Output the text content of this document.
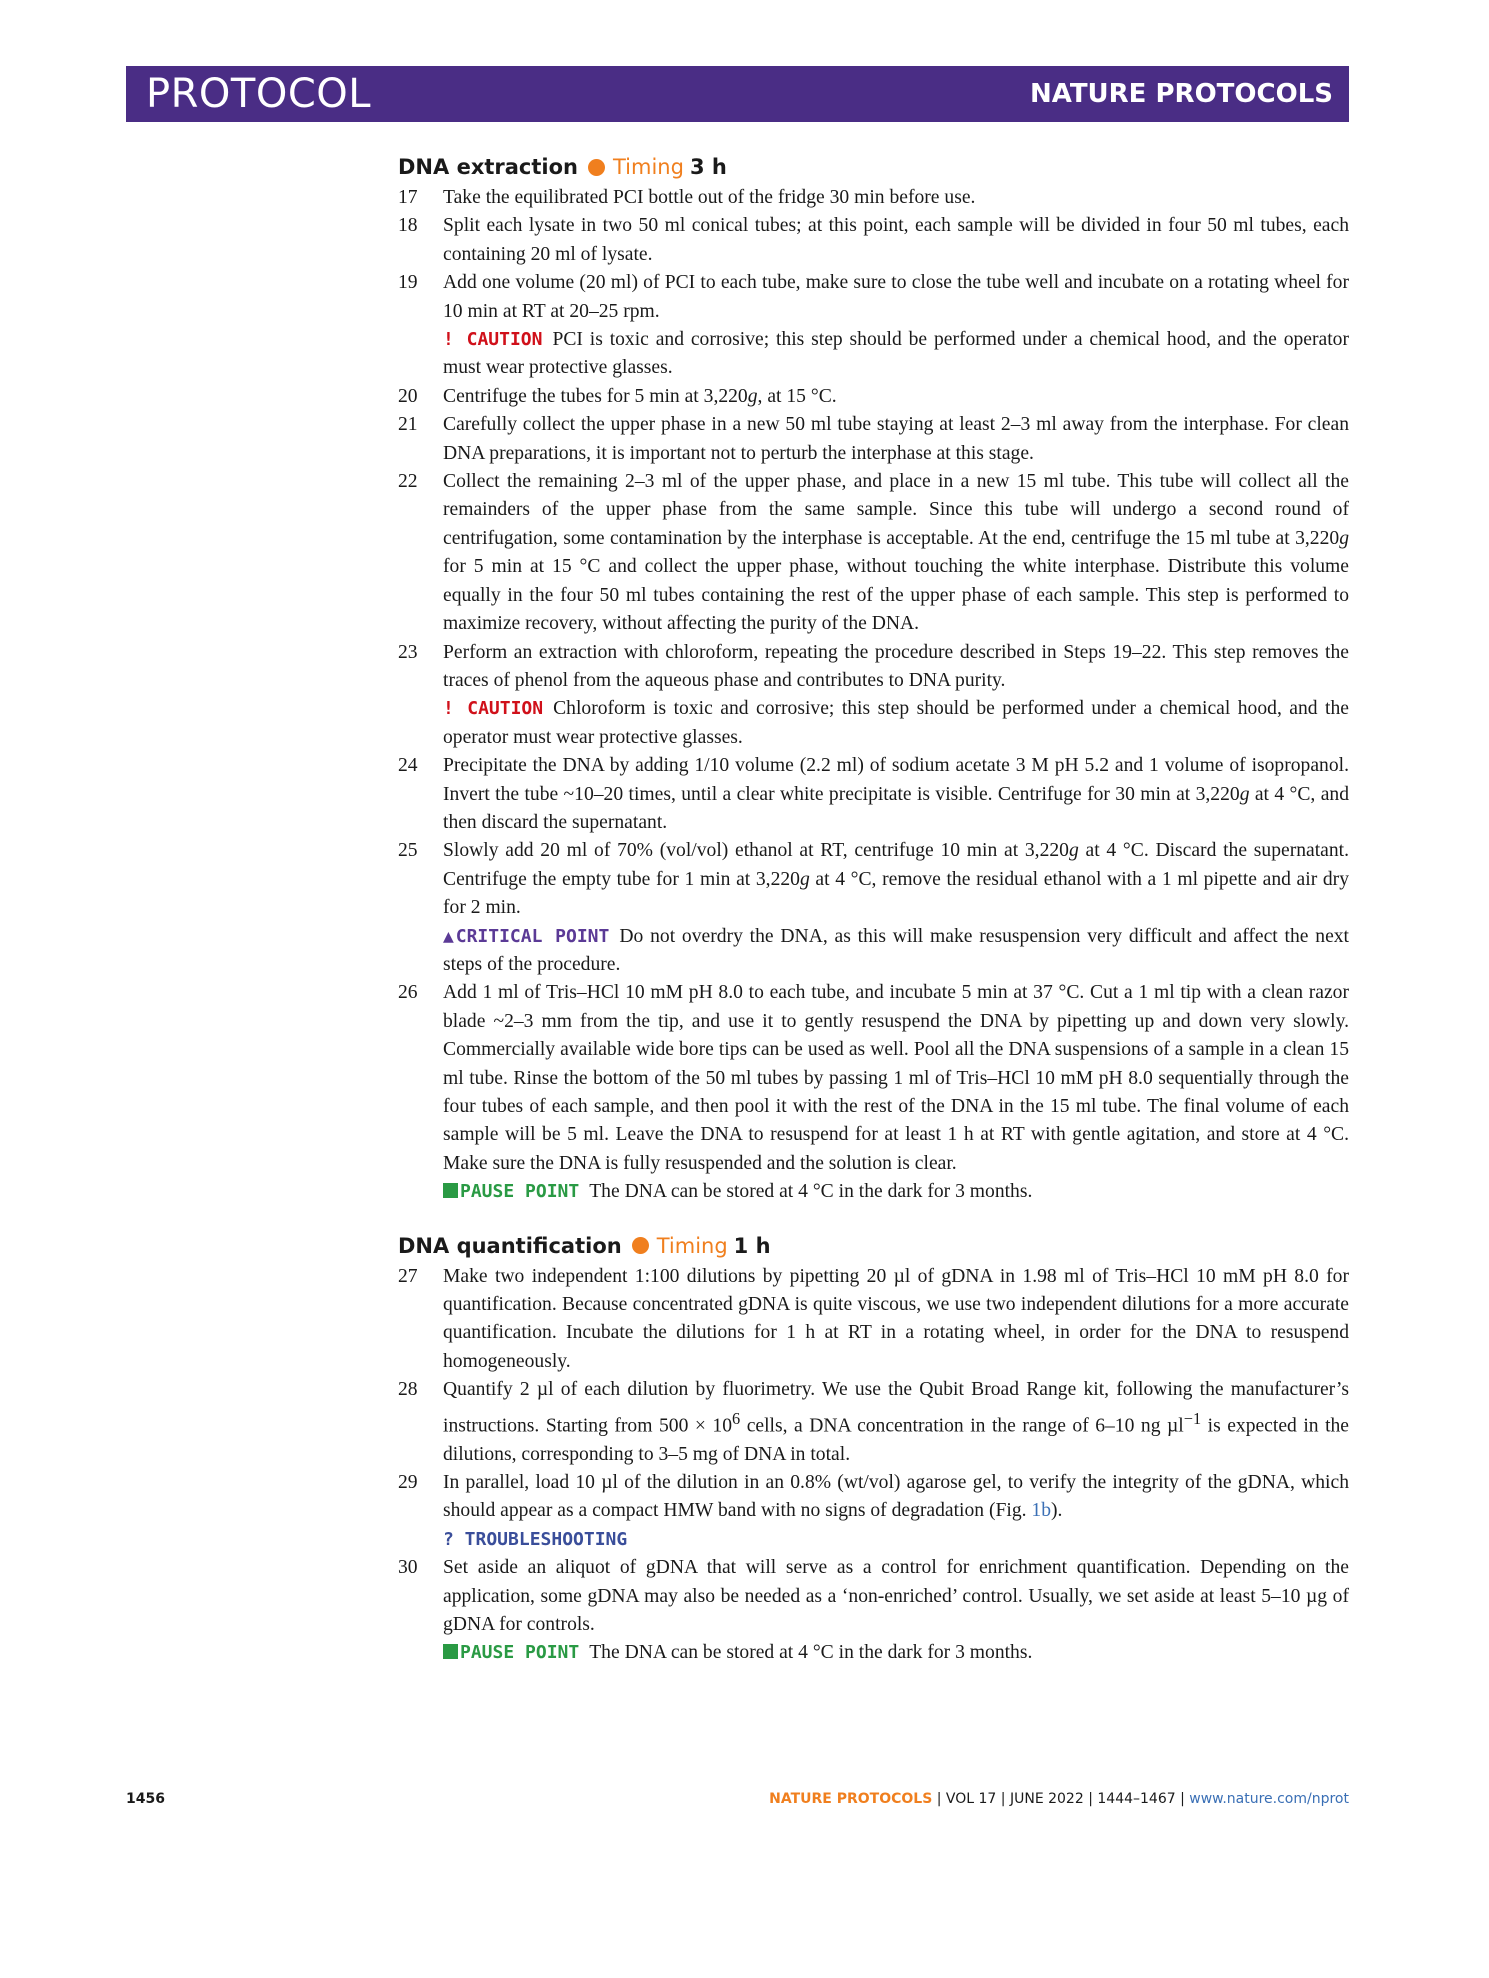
PROTOCOL	NATURE PROTOCOLS
DNA extraction Timing 3 h
17 Take the equilibrated PCI bottle out of the fridge 30 min before use.
18 Split each lysate in two 50 ml conical tubes; at this point, each sample will be divided in four 50 ml tubes, each containing 20 ml of lysate.
19 Add one volume (20 ml) of PCI to each tube, make sure to close the tube well and incubate on a rotating wheel for 10 min at RT at 20–25 rpm.
! CAUTION PCI is toxic and corrosive; this step should be performed under a chemical hood, and the operator must wear protective glasses.
20 Centrifuge the tubes for 5 min at 3,220g, at 15 °C.
21 Carefully collect the upper phase in a new 50 ml tube staying at least 2–3 ml away from the interphase. For clean DNA preparations, it is important not to perturb the interphase at this stage.
22 Collect the remaining 2–3 ml of the upper phase, and place in a new 15 ml tube. This tube will collect all the remainders of the upper phase from the same sample. Since this tube will undergo a second round of centrifugation, some contamination by the interphase is acceptable. At the end, centrifuge the 15 ml tube at 3,220g for 5 min at 15 °C and collect the upper phase, without touching the white interphase. Distribute this volume equally in the four 50 ml tubes containing the rest of the upper phase of each sample. This step is performed to maximize recovery, without affecting the purity of the DNA.
23 Perform an extraction with chloroform, repeating the procedure described in Steps 19–22. This step removes the traces of phenol from the aqueous phase and contributes to DNA purity.
! CAUTION Chloroform is toxic and corrosive; this step should be performed under a chemical hood, and the operator must wear protective glasses.
24 Precipitate the DNA by adding 1/10 volume (2.2 ml) of sodium acetate 3 M pH 5.2 and 1 volume of isopropanol. Invert the tube ~10–20 times, until a clear white precipitate is visible. Centrifuge for 30 min at 3,220g at 4 °C, and then discard the supernatant.
25 Slowly add 20 ml of 70% (vol/vol) ethanol at RT, centrifuge 10 min at 3,220g at 4 °C. Discard the supernatant. Centrifuge the empty tube for 1 min at 3,220g at 4 °C, remove the residual ethanol with a 1 ml pipette and air dry for 2 min.
▲CRITICAL POINT Do not overdry the DNA, as this will make resuspension very difficult and affect the next steps of the procedure.
26 Add 1 ml of Tris–HCl 10 mM pH 8.0 to each tube, and incubate 5 min at 37 °C. Cut a 1 ml tip with a clean razor blade ~2–3 mm from the tip, and use it to gently resuspend the DNA by pipetting up and down very slowly. Commercially available wide bore tips can be used as well. Pool all the DNA suspensions of a sample in a clean 15 ml tube. Rinse the bottom of the 50 ml tubes by passing 1 ml of Tris–HCl 10 mM pH 8.0 sequentially through the four tubes of each sample, and then pool it with the rest of the DNA in the 15 ml tube. The final volume of each sample will be 5 ml. Leave the DNA to resuspend for at least 1 h at RT with gentle agitation, and store at 4 °C. Make sure the DNA is fully resuspended and the solution is clear.
PAUSE POINT The DNA can be stored at 4 °C in the dark for 3 months.
DNA quantification Timing 1 h
27 Make two independent 1:100 dilutions by pipetting 20 µl of gDNA in 1.98 ml of Tris–HCl 10 mM pH 8.0 for quantification. Because concentrated gDNA is quite viscous, we use two independent dilutions for a more accurate quantification. Incubate the dilutions for 1 h at RT in a rotating wheel, in order for the DNA to resuspend homogeneously.
28 Quantify 2 µl of each dilution by fluorimetry. We use the Qubit Broad Range kit, following the manufacturer’s instructions. Starting from $500 \times 10^6$ cells, a DNA concentration in the range of 6–10 ng µl$^{-1}$ is expected in the dilutions, corresponding to 3–5 mg of DNA in total.
29 In parallel, load 10 µl of the dilution in an 0.8% (wt/vol) agarose gel, to verify the integrity of the gDNA, which should appear as a compact HMW band with no signs of degradation (Fig. 1b).
? TROUBLESHOOTING
30 Set aside an aliquot of gDNA that will serve as a control for enrichment quantification. Depending on the application, some gDNA may also be needed as a ‘non-enriched’ control. Usually, we set aside at least 5–10 µg of gDNA for controls.
PAUSE POINT The DNA can be stored at 4 °C in the dark for 3 months.
1456	NATURE PROTOCOLS | VOL 17 | JUNE 2022 | 1444–1467 | www.nature.com/nprot
